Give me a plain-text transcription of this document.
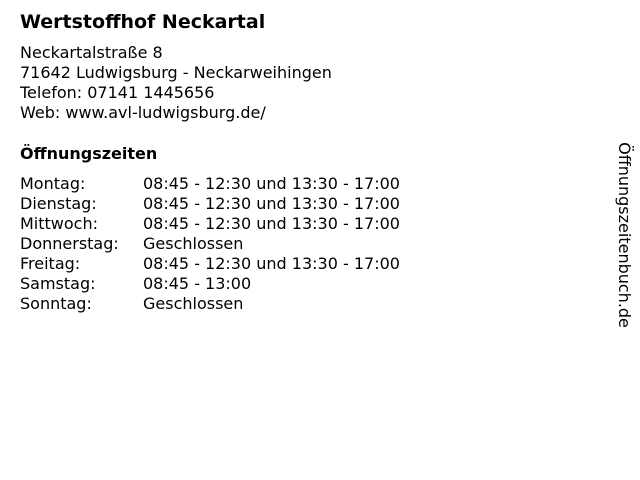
Wertstoffhof Neckartal
Neckartalstraße 8
71642 Ludwigsburg - Neckarweihingen
Telefon: 07141 1445656
Web: www.avl-ludwigsburg.de/
Öffnungszeiten
Montag:	08:45 - 12:30 und 13:30 - 17:00
Dienstag:	08:45 - 12:30 und 13:30 - 17:00
Mittwoch:	08:45 - 12:30 und 13:30 - 17:00
Donnerstag: Geschlossen
Freitag:	08:45 - 12:30 und 13:30 - 17:00
Samstag:	08:45 - 13:00
Sonntag:	Geschlossen	Öffnungszeitenbuch.de
